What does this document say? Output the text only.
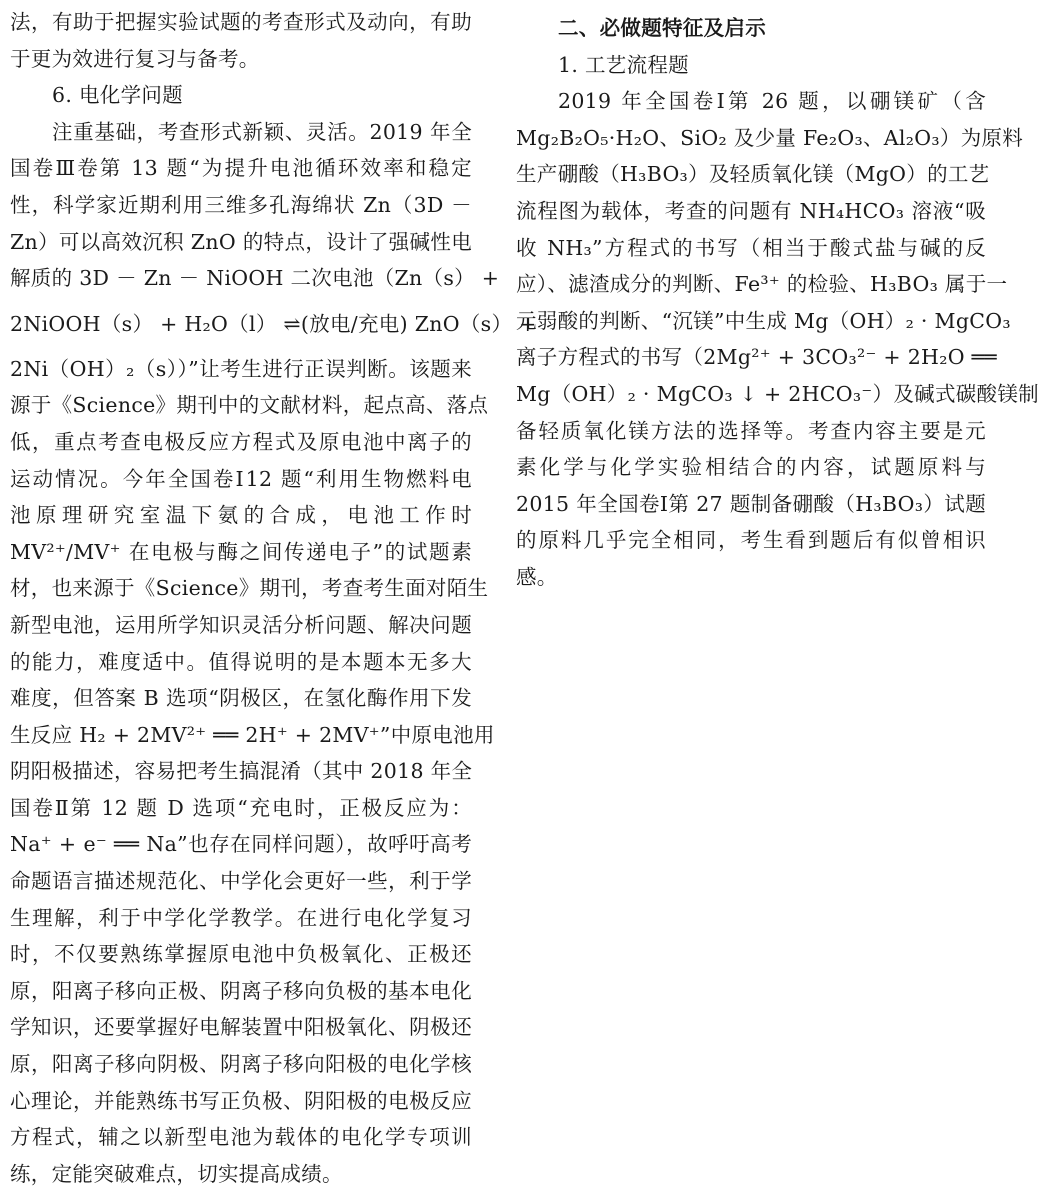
法，有助于把握实验试题的考查形式及动向，有助
于更为效进行复习与备考。
6. 电化学问题
注重基础，考查形式新颖、灵活。2019 年全
国卷Ⅲ卷第 13 题“为提升电池循环效率和稳定
性，科学家近期利用三维多孔海绵状 Zn（3D －
Zn）可以高效沉积 ZnO 的特点，设计了强碱性电
解质的 3D － Zn － NiOOH 二次电池（Zn（s） +
2NiOOH（s） + H₂O（l） ⇌(放电/充电) ZnO（s） +
2Ni（OH）₂（s））”让考生进行正误判断。该题来
源于《Science》期刊中的文献材料，起点高、落点
低，重点考查电极反应方程式及原电池中离子的
运动情况。今年全国卷Ⅰ12 题“利用生物燃料电
池原理研究室温下氨的合成，电池工作时
MV²⁺/MV⁺ 在电极与酶之间传递电子”的试题素
材，也来源于《Science》期刊，考查考生面对陌生
新型电池，运用所学知识灵活分析问题、解决问题
的能力，难度适中。值得说明的是本题本无多大
难度，但答案 B 选项“阴极区，在氢化酶作用下发
生反应 H₂ + 2MV²⁺ ══ 2H⁺ + 2MV⁺”中原电池用
阴阳极描述，容易把考生搞混淆（其中 2018 年全
国卷Ⅱ第 12 题 D 选项“充电时，正极反应为：
Na⁺ + e⁻ ══ Na”也存在同样问题），故呼吁高考
命题语言描述规范化、中学化会更好一些，利于学
生理解，利于中学化学教学。在进行电化学复习
时，不仅要熟练掌握原电池中负极氧化、正极还
原，阳离子移向正极、阴离子移向负极的基本电化
学知识，还要掌握好电解装置中阳极氧化、阴极还
原，阳离子移向阴极、阴离子移向阳极的电化学核
心理论，并能熟练书写正负极、阴阳极的电极反应
方程式，辅之以新型电池为载体的电化学专项训
练，定能突破难点，切实提高成绩。
二、必做题特征及启示
1. 工艺流程题
2019 年全国卷Ⅰ第 26 题，以硼镁矿（含
Mg₂B₂O₅·H₂O、SiO₂ 及少量 Fe₂O₃、Al₂O₃）为原料
生产硼酸（H₃BO₃）及轻质氧化镁（MgO）的工艺
流程图为载体，考查的问题有 NH₄HCO₃ 溶液“吸
收 NH₃”方程式的书写（相当于酸式盐与碱的反
应）、滤渣成分的判断、Fe³⁺ 的检验、H₃BO₃ 属于一
元弱酸的判断、“沉镁”中生成 Mg（OH）₂ · MgCO₃
离子方程式的书写（2Mg²⁺ + 3CO₃²⁻ + 2H₂O ══
Mg（OH）₂ · MgCO₃ ↓ + 2HCO₃⁻）及碱式碳酸镁制
备轻质氧化镁方法的选择等。考查内容主要是元
素化学与化学实验相结合的内容，试题原料与
2015 年全国卷Ⅰ第 27 题制备硼酸（H₃BO₃）试题
的原料几乎完全相同，考生看到题后有似曾相识
感。
